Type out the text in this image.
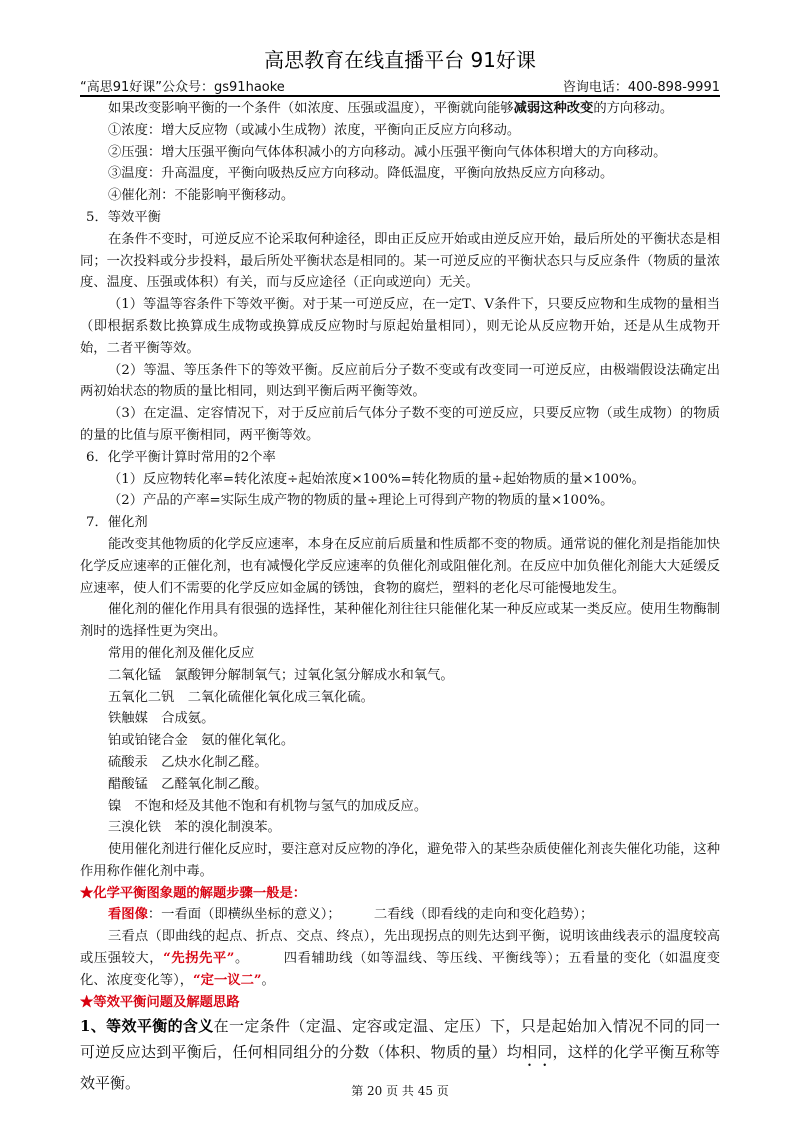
高思教育在线直播平台 91好课
“高思91好课”公众号：gs91haoke	咨询电话：400-898-9991

如果改变影响平衡的一个条件（如浓度、压强或温度），平衡就向能够减弱这种改变的方向移动。

①浓度：增大反应物（或减小生成物）浓度，平衡向正反应方向移动。

②压强：增大压强平衡向气体体积减小的方向移动。减小压强平衡向气体体积增大的方向移动。

③温度：升高温度，平衡向吸热反应方向移动。降低温度，平衡向放热反应方向移动。

④催化剂：不能影响平衡移动。

5．等效平衡

在条件不变时，可逆反应不论采取何种途径，即由正反应开始或由逆反应开始，最后所处的平衡状态是相同；一次投料或分步投料，最后所处平衡状态是相同的。某一可逆反应的平衡状态只与反应条件（物质的量浓度、温度、压强或体积）有关，而与反应途径（正向或逆向）无关。

（1）等温等容条件下等效平衡。对于某一可逆反应，在一定T、V条件下，只要反应物和生成物的量相当（即根据系数比换算成生成物或换算成反应物时与原起始量相同），则无论从反应物开始，还是从生成物开始，二者平衡等效。

（2）等温、等压条件下的等效平衡。反应前后分子数不变或有改变同一可逆反应，由极端假设法确定出两初始状态的物质的量比相同，则达到平衡后两平衡等效。

（3）在定温、定容情况下，对于反应前后气体分子数不变的可逆反应，只要反应物（或生成物）的物质的量的比值与原平衡相同，两平衡等效。

6．化学平衡计算时常用的2个率

（1）反应物转化率=转化浓度÷起始浓度×100%=转化物质的量÷起始物质的量×100%。

（2）产品的产率=实际生成产物的物质的量÷理论上可得到产物的物质的量×100%。

7．催化剂

能改变其他物质的化学反应速率，本身在反应前后质量和性质都不变的物质。通常说的催化剂是指能加快化学反应速率的正催化剂，也有减慢化学反应速率的负催化剂或阻催化剂。在反应中加负催化剂能大大延缓反应速率，使人们不需要的化学反应如金属的锈蚀，食物的腐烂，塑料的老化尽可能慢地发生。

催化剂的催化作用具有很强的选择性，某种催化剂往往只能催化某一种反应或某一类反应。使用生物酶制剂时的选择性更为突出。

常用的催化剂及催化反应

二氧化锰　氯酸钾分解制氧气；过氧化氢分解成水和氧气。

五氧化二钒　二氧化硫催化氧化成三氧化硫。

铁触媒　合成氨。

铂或铂铑合金　氨的催化氧化。

硫酸汞　乙炔水化制乙醛。

醋酸锰　乙醛氧化制乙酸。

镍　不饱和烃及其他不饱和有机物与氢气的加成反应。

三溴化铁　苯的溴化制溴苯。

使用催化剂进行催化反应时，要注意对反应物的净化，避免带入的某些杂质使催化剂丧失催化功能，这种作用称作催化剂中毒。

★化学平衡图象题的解题步骤一般是：

看图像：一看面（即横纵坐标的意义）；　　　二看线（即看线的走向和变化趋势）；

三看点（即曲线的起点、折点、交点、终点），先出现拐点的则先达到平衡，说明该曲线表示的温度较高或压强较大，“先拐先平”。　　　四看辅助线（如等温线、等压线、平衡线等）；五看量的变化（如温度变化、浓度变化等），“定一议二”。

★等效平衡问题及解题思路

1、等效平衡的含义在一定条件（定温、定容或定温、定压）下，只是起始加入情况不同的同一可逆反应达到平衡后，任何相同组分的分数（体积、物质的量）均相同，这样的化学平衡互称等效平衡。	第 20 页 共 45 页
